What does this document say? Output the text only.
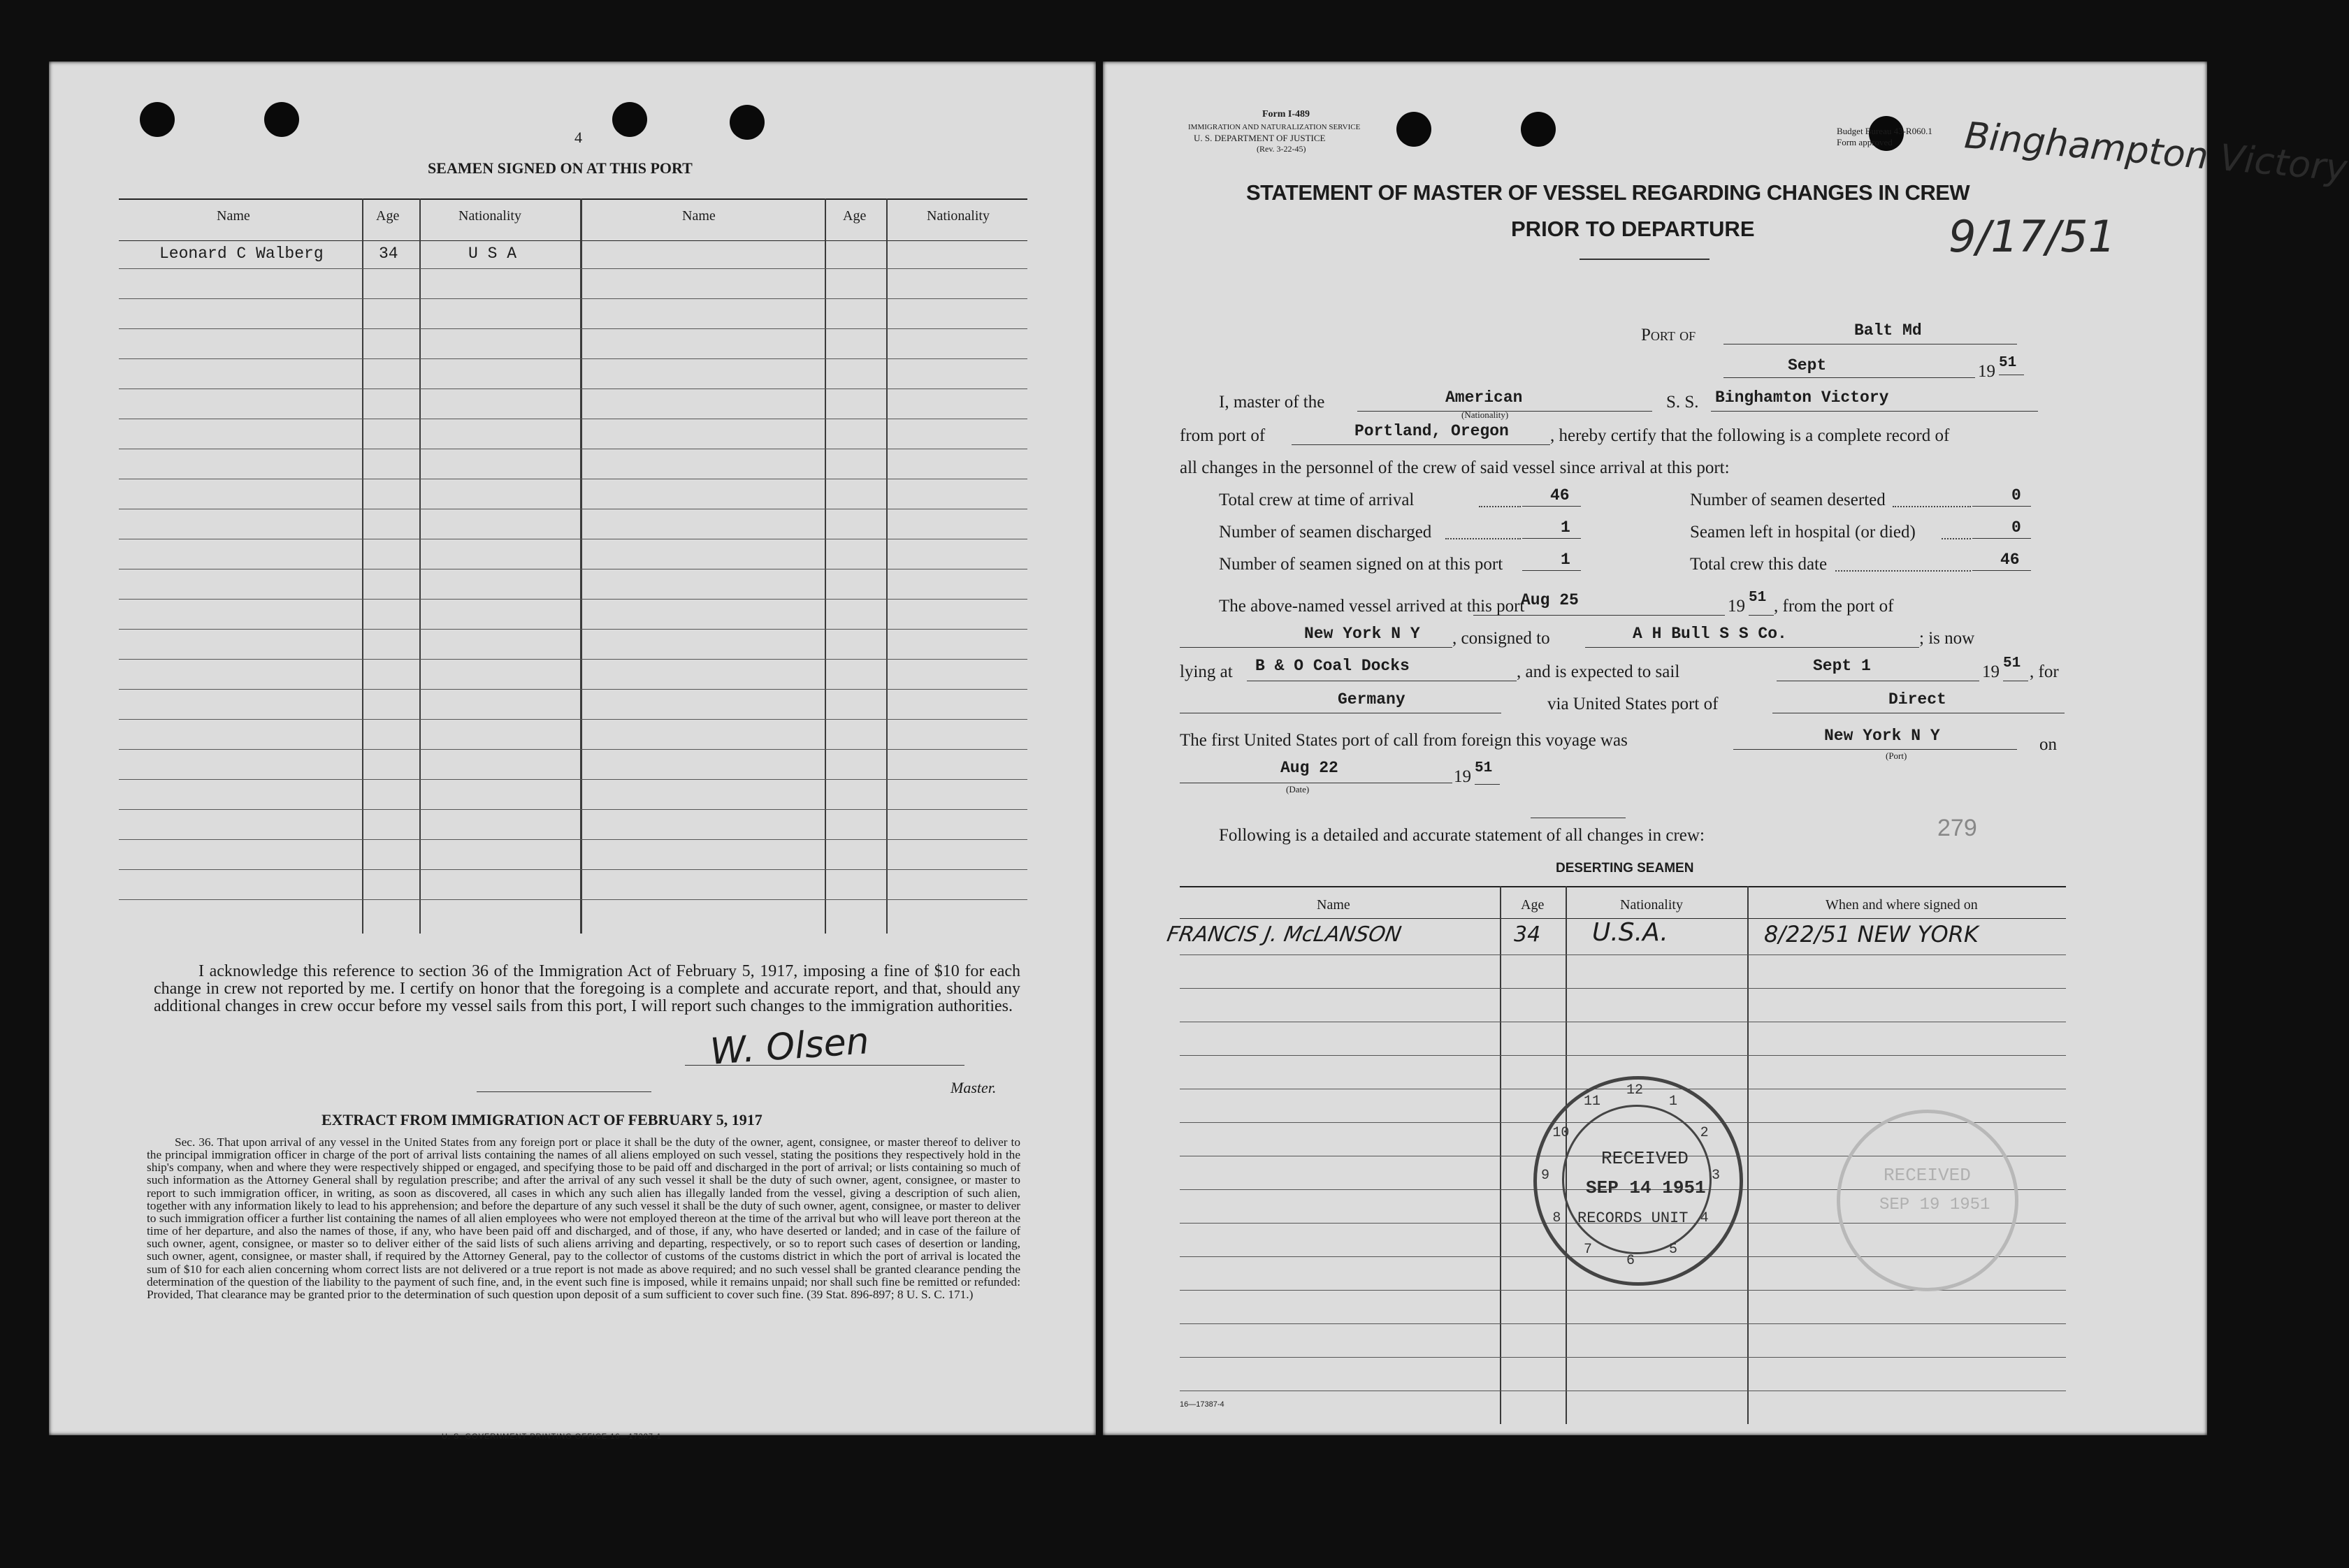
4
SEAMEN SIGNED ON AT THIS PORT
Name	Age	Nationality	Name	Age	Nationality
Leonard C Walberg	34	U S A
I acknowledge this reference to section 36 of the Immigration Act of February 5, 1917, imposing a fine of $10 for each change in crew not reported by me. I certify on honor that the foregoing is a complete and accurate report, and that, should any additional changes in crew occur before my vessel sails from this port, I will report such changes to the immigration authorities.
W. Olsen
Master.
EXTRACT FROM IMMIGRATION ACT OF FEBRUARY 5, 1917
Sec. 36. That upon arrival of any vessel in the United States from any foreign port or place it shall be the duty of the owner, agent, consignee, or master thereof to deliver to the principal immigration officer in charge of the port of arrival lists containing the names of all aliens employed on such vessel, stating the positions they respectively hold in the ship's company, when and where they were respectively shipped or engaged, and specifying those to be paid off and discharged in the port of arrival; or lists containing so much of such information as the Attorney General shall by regulation prescribe; and after the arrival of any such vessel it shall be the duty of such owner, agent, consignee, or master to report to such immigration officer, in writing, as soon as discovered, all cases in which any such alien has illegally landed from the vessel, giving a description of such alien, together with any information likely to lead to his apprehension; and before the departure of any such vessel it shall be the duty of such owner, agent, consignee, or master to deliver to such immigration officer a further list containing the names of all alien employees who were not employed thereon at the time of the arrival but who will leave port thereon at the time of her departure, and also the names of those, if any, who have been paid off and discharged, and of those, if any, who have deserted or landed; and in case of the failure of such owner, agent, consignee, or master so to deliver either of the said lists of such aliens arriving and departing, respectively, or so to report such cases of desertion or landing, such owner, agent, consignee, or master shall, if required by the Attorney General, pay to the collector of customs of the customs district in which the port of arrival is located the sum of $10 for each alien concerning whom correct lists are not delivered or a true report is not made as above required; and no such vessel shall be granted clearance pending the determination of the question of the liability to the payment of such fine, and, in the event such fine is imposed, while it remains unpaid; nor shall such fine be remitted or refunded: Provided, That clearance may be granted prior to the determination of such question upon deposit of a sum sufficient to cover such fine. (39 Stat. 896-897; 8 U. S. C. 171.)
U. S. GOVERNMENT PRINTING OFFICE 16—17387-1
Form I-489
IMMIGRATION AND NATURALIZATION SERVICE
U. S. DEPARTMENT OF JUSTICE
(Rev. 3-22-45)
Budget Bureau 43-R060.1
Form approved Binghampton Victory
9/17/51
STATEMENT OF MASTER OF VESSEL REGARDING CHANGES IN CREW
PRIOR TO DEPARTURE
Port of	Balt Md
Sept	19 51
I, master of the	American
(Nationality)
S. S. Binghamton Victory
from port of	Portland, Oregon , hereby certify that the following is a complete record of
all changes in the personnel of the crew of said vessel since arrival at this port:
Total crew at time of arrival	46
Number of seamen discharged	1
Number of seamen signed on at this port	1
Number of seamen deserted	0
Seamen left in hospital (or died)	0
Total crew this date	46
The above-named vessel arrived at this port
Aug 25	19 51 , from the port of
New York N Y , consigned to	A H Bull S S Co.	; is now
lying at B & O Coal Docks	, and is expected to sail	Sept 1	19 51 , for
Germany	via United States port of	Direct
The first United States port of call from foreign this voyage was	New York N Y
(Port)
on
Aug 22
(Date)
19 51
Following is a detailed and accurate statement of all changes in crew:	279
DESERTING SEAMEN
Name	Age	Nationality	When and where signed on
FRANCIS J. McLANSON	34 U.S.A.	8/22/51 NEW YORK
RECEIVED
SEP 14 1951
RECORDS UNIT
12
1
2
3
4
5
6
7
8
9
10
11
RECEIVED
SEP 19 1951
16—17387-4
